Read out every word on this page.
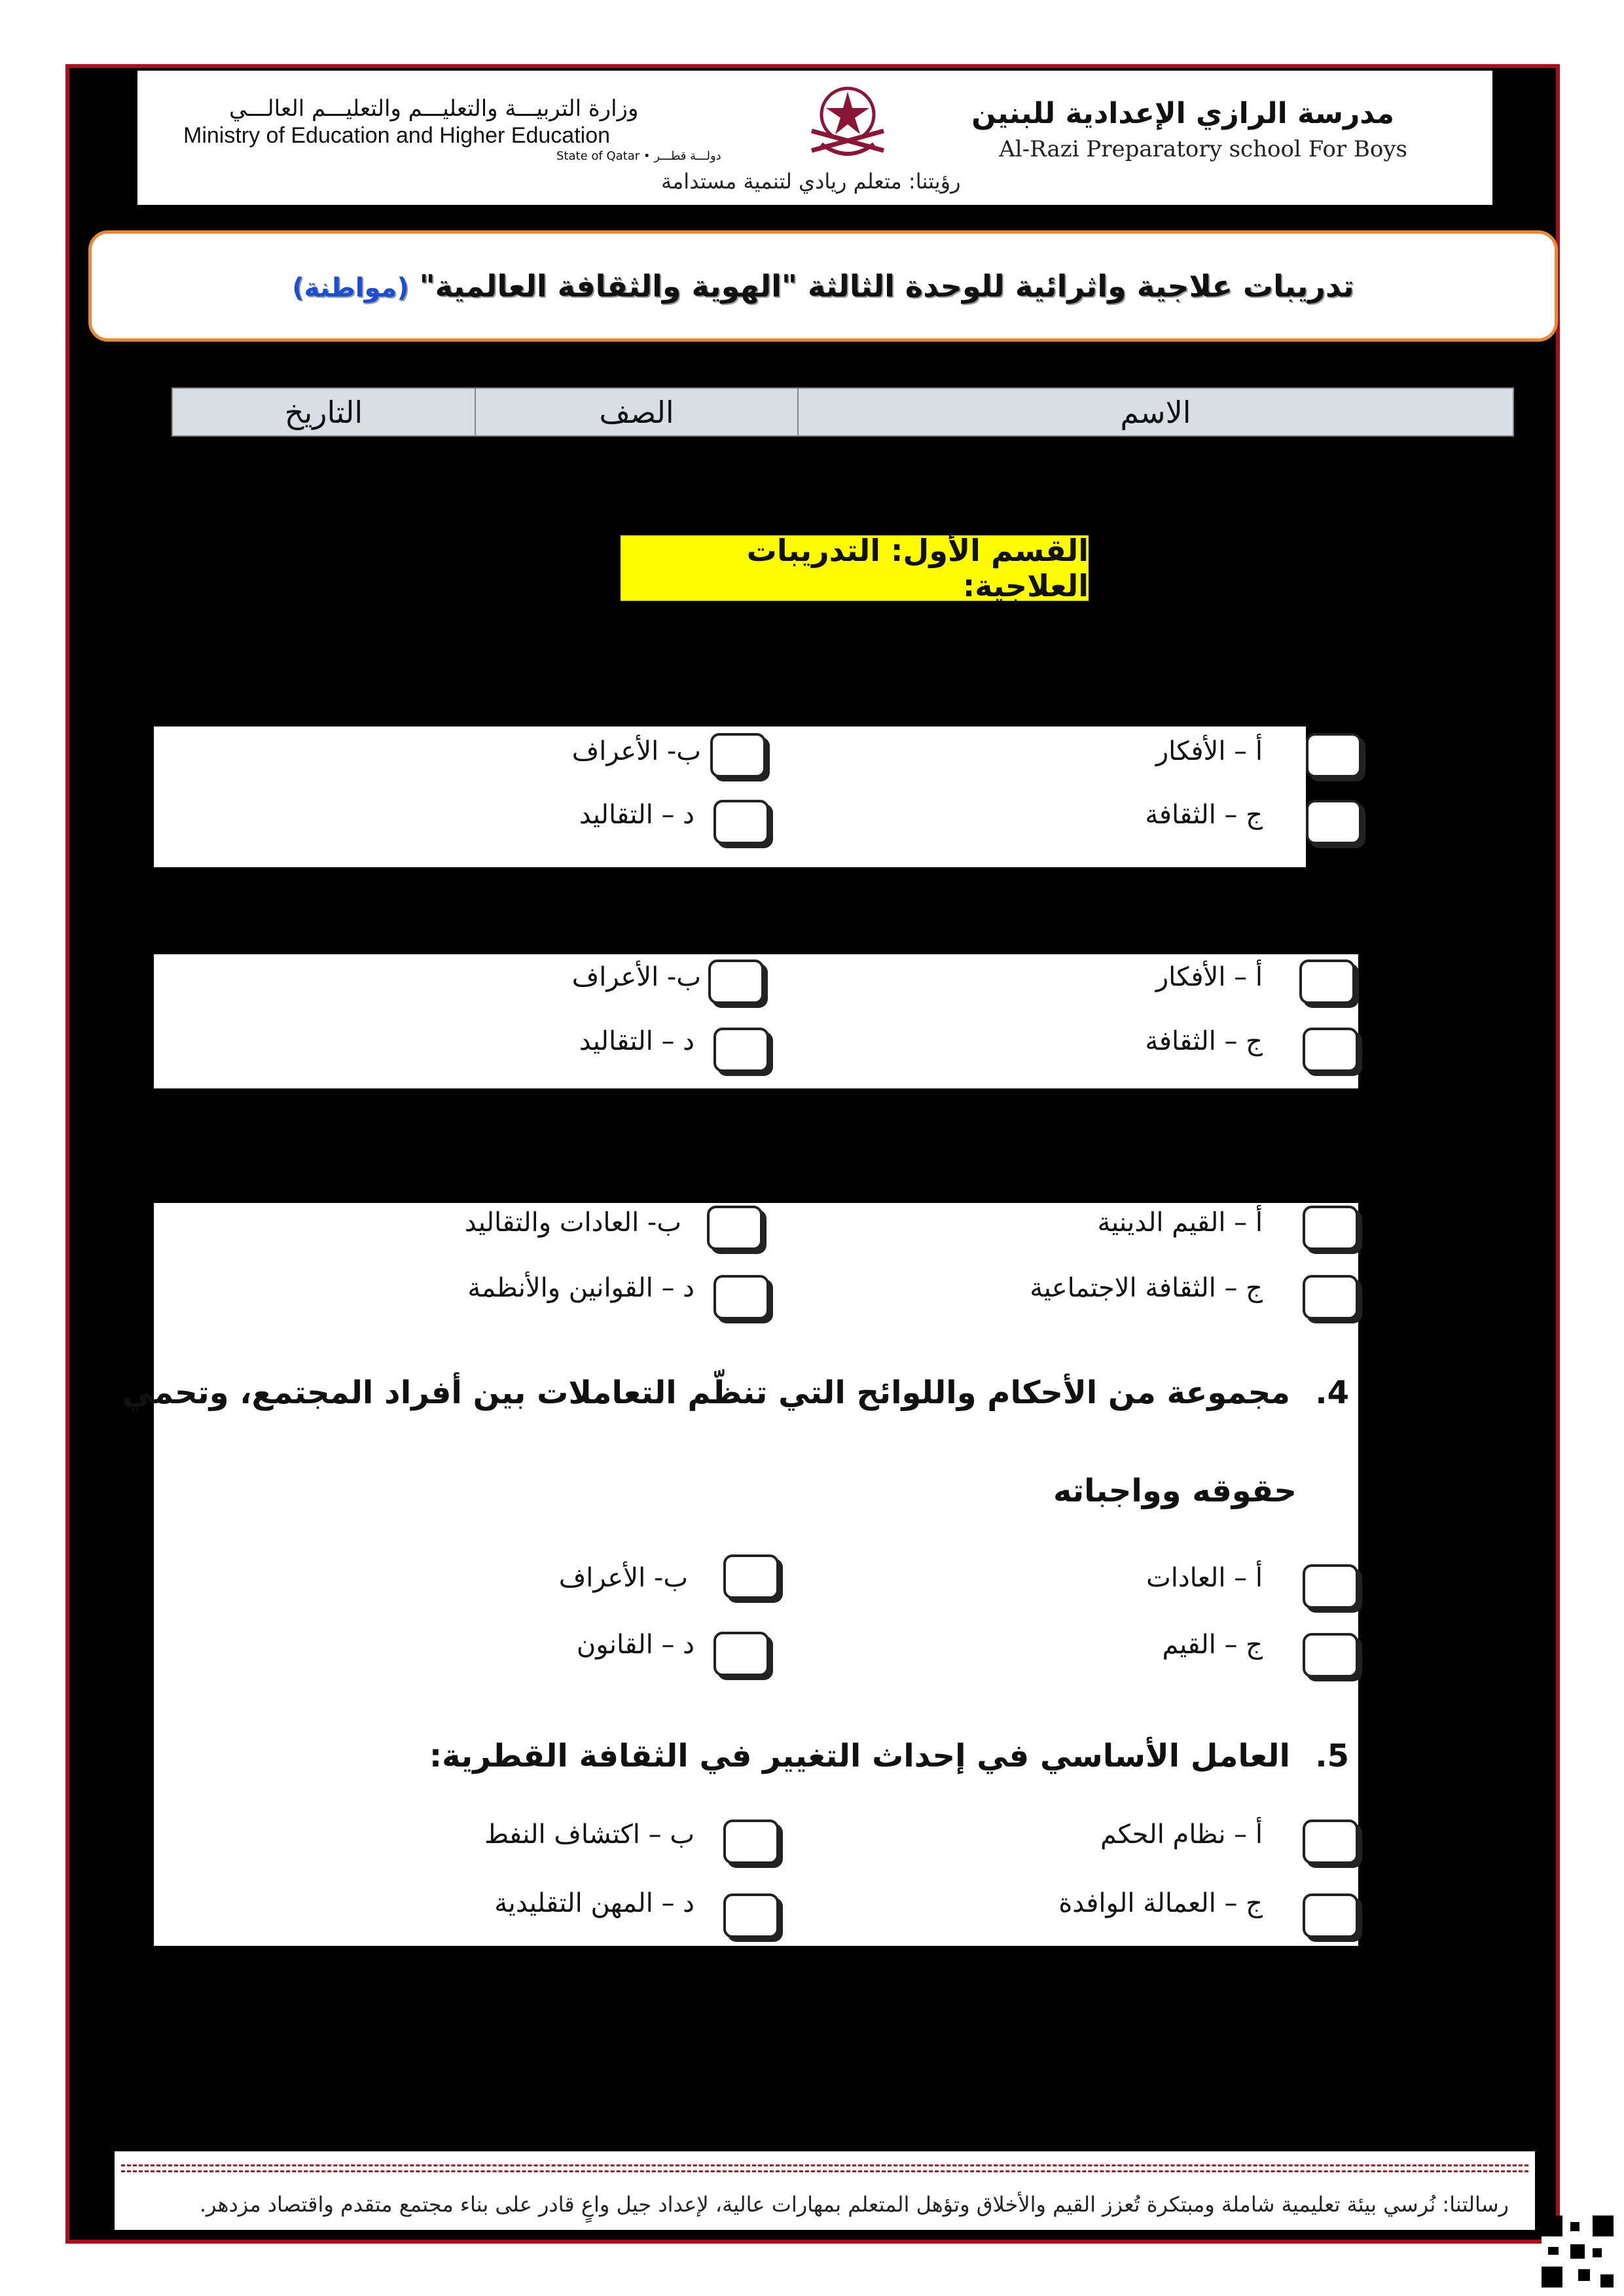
مدرسة الرازي الإعدادية للبنين
Al-Razi Preparatory school For Boys
وزارة التربيـــة والتعليـــم والتعليـــم العالـــي
Ministry of Education and Higher Education
State of Qatar • دولـــة قطـــر
رؤيتنا: متعلم ريادي لتنمية مستدامة
تدريبات علاجية واثرائية للوحدة الثالثة "الهوية والثقافة العالمية" (مواطنة)
الاسم
الصف
التاريخ
القسم الأول: التدريبات العلاجية:
أ – الأفكار
ب- الأعراف
ج – الثقافة
د – التقاليد
أ – الأفكار
ب- الأعراف
ج – الثقافة
د – التقاليد
أ – القيم الدينية
ب- العادات والتقاليد
ج – الثقافة الاجتماعية
د – القوانين والأنظمة
4.
مجموعة من الأحكام واللوائح التي تنظّم التعاملات بين أفراد المجتمع، وتحمي
حقوقه وواجباته
أ – العادات
ب- الأعراف
ج – القيم
د – القانون
5.
العامل الأساسي في إحداث التغيير في الثقافة القطرية:
أ – نظام الحكم
ب – اكتشاف النفط
ج – العمالة الوافدة
د – المهن التقليدية
رسالتنا: نُرسي بيئة تعليمية شاملة ومبتكرة تُعزز القيم والأخلاق وتؤهل المتعلم بمهارات عالية، لإعداد جيل واعٍ قادر على بناء مجتمع متقدم واقتصاد مزدهر.
